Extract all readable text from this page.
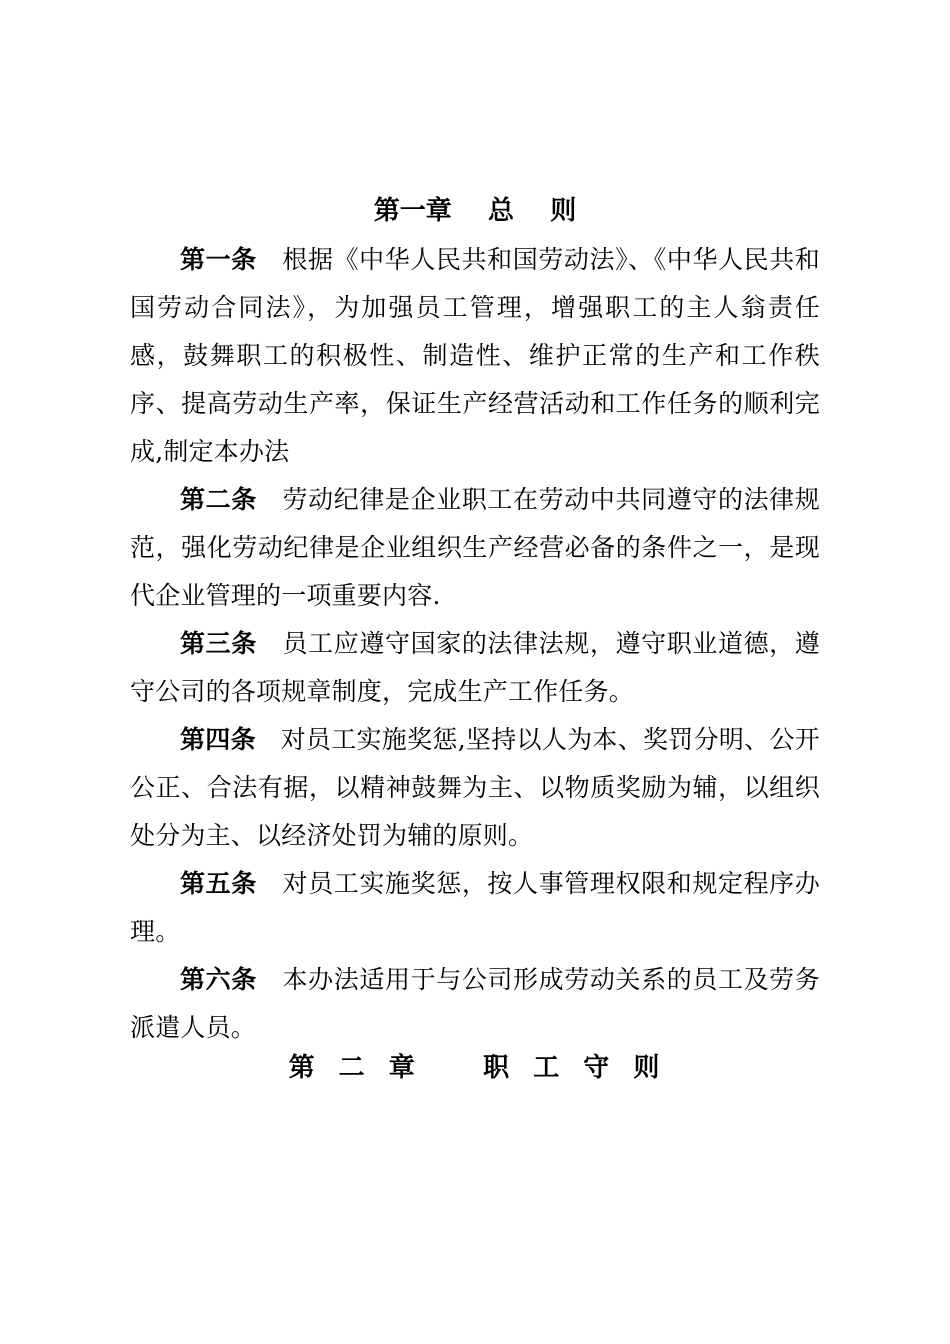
第一章    总    则

第一条 根据《中华人民共和国劳动法》、《中华人民共和国劳动合同法》，为加强员工管理，增强职工的主人翁责任感，鼓舞职工的积极性、制造性、维护正常的生产和工作秩序、提高劳动生产率，保证生产经营活动和工作任务的顺利完成,制定本办法

第二条 劳动纪律是企业职工在劳动中共同遵守的法律规范，强化劳动纪律是企业组织生产经营必备的条件之一，是现代企业管理的一项重要内容.

第三条 员工应遵守国家的法律法规，遵守职业道德，遵守公司的各项规章制度，完成生产工作任务。

第四条 对员工实施奖惩,坚持以人为本、奖罚分明、公开公正、合法有据，以精神鼓舞为主、以物质奖励为辅，以组织处分为主、以经济处罚为辅的原则。

第五条 对员工实施奖惩，按人事管理权限和规定程序办理。

第六条 本办法适用于与公司形成劳动关系的员工及劳务派遣人员。

第  二  章      职  工  守  则
